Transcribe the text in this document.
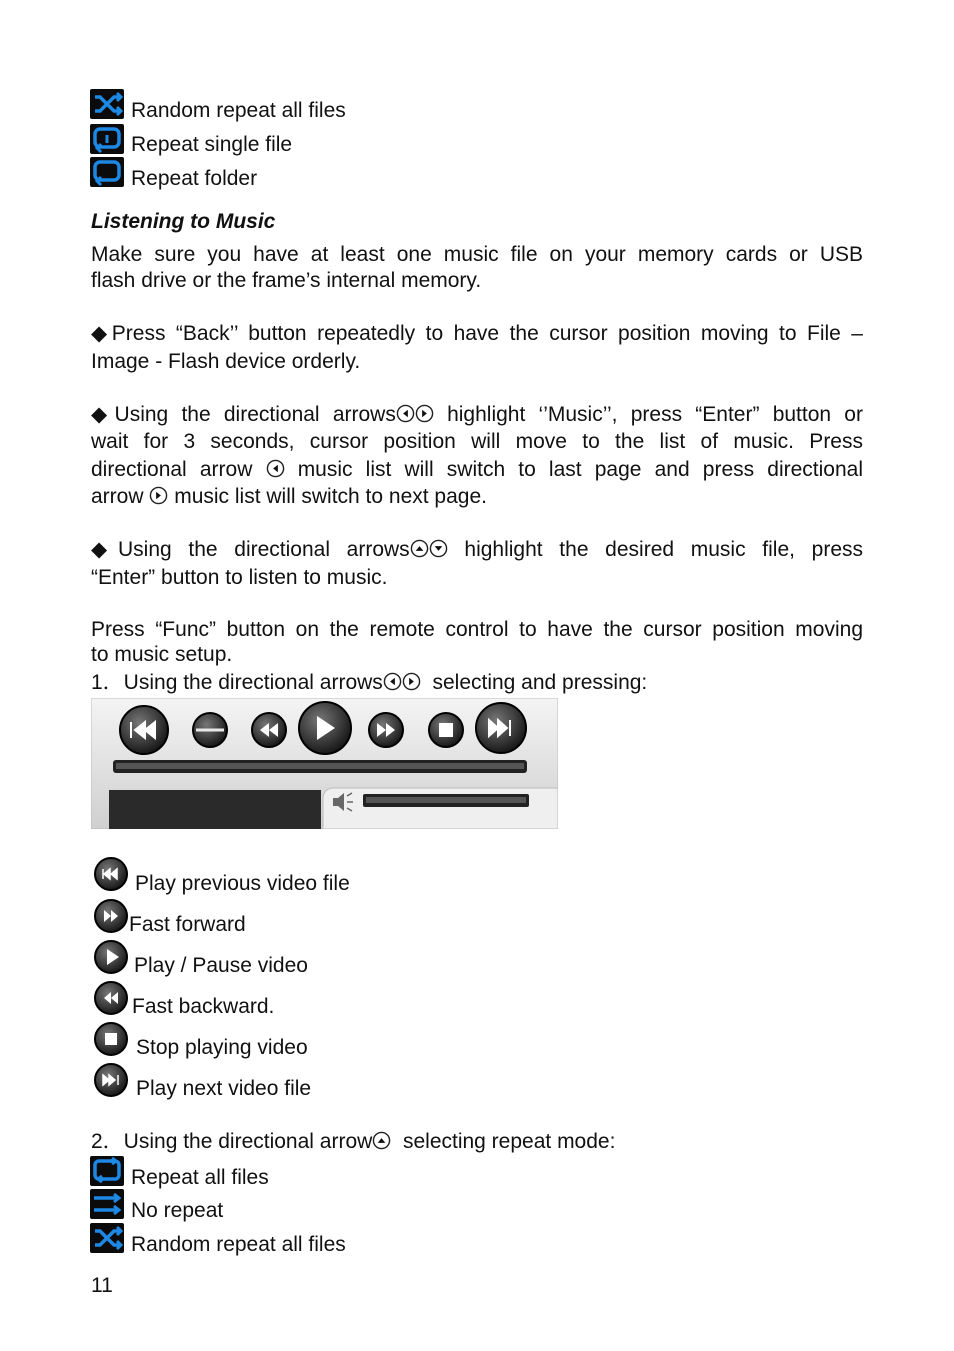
Random repeat all files
Repeat single file
Repeat folder
Listening to Music
Make sure you have at least one music file on your memory cards or USB
flash drive or the frame’s internal memory.
◆Press “Back’’ button repeatedly to have the cursor position moving to File –
Image - Flash device orderly.
◆Using the directional arrows highlight ‘’Music’’, press “Enter” button or
wait for 3 seconds, cursor position will move to the list of music. Press
directional arrow music list will switch to last page and press directional
arrow music list will switch to next page.
◆Using the directional arrows	highlight the desired music file, press
“Enter” button to listen to music.
Press “Func” button on the remote control to have the cursor position moving
to music setup.
1．Using the directional arrows selecting and pressing:
Play previous video file
Fast forward
Play / Pause video
Fast backward.
Stop playing video
Play next video file
2．Using the directional arrow selecting repeat mode:
Repeat all files
No repeat
Random repeat all files
11
